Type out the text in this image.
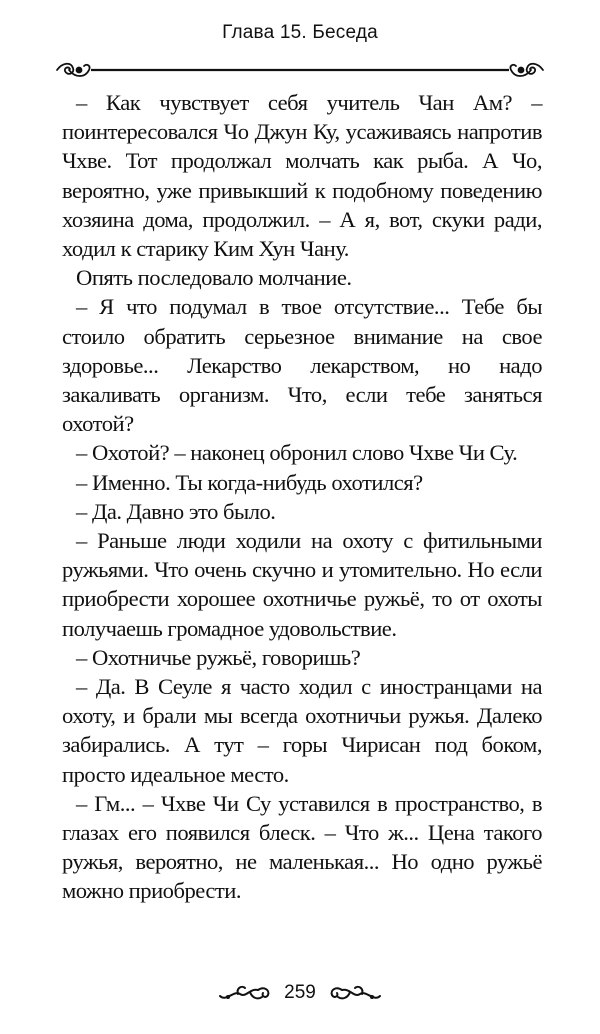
Глава 15. Беседа

– Как чувствует себя учитель Чан Ам? – поинтересовался Чо Джун Ку, усаживаясь напротив Чхве. Тот продолжал молчать как рыба. А Чо, вероятно, уже привыкший к подобному поведению хозяина дома, продолжил. – А я, вот, скуки ради, ходил к старику Ким Хун Чану.

Опять последовало молчание.

– Я что подумал в твое отсутствие... Тебе бы стоило обратить серьезное внимание на свое здоровье... Лекарство лекарством, но надо закаливать организм. Что, если тебе заняться охотой?

– Охотой? – наконец обронил слово Чхве Чи Су.

– Именно. Ты когда-нибудь охотился?

– Да. Давно это было.

– Раньше люди ходили на охоту с фитильными ружьями. Что очень скучно и утомительно. Но если приобрести хорошее охотничье ружьё, то от охоты получаешь громадное удовольствие.

– Охотничье ружьё, говоришь?

– Да. В Сеуле я часто ходил с иностранцами на охоту, и брали мы всегда охотничьи ружья. Далеко забирались. А тут – горы Чирисан под боком, просто идеальное место.

– Гм... – Чхве Чи Су уставился в пространство, в глазах его появился блеск. – Что ж... Цена такого ружья, вероятно, не маленькая... Но одно ружьё можно приобрести.

259
